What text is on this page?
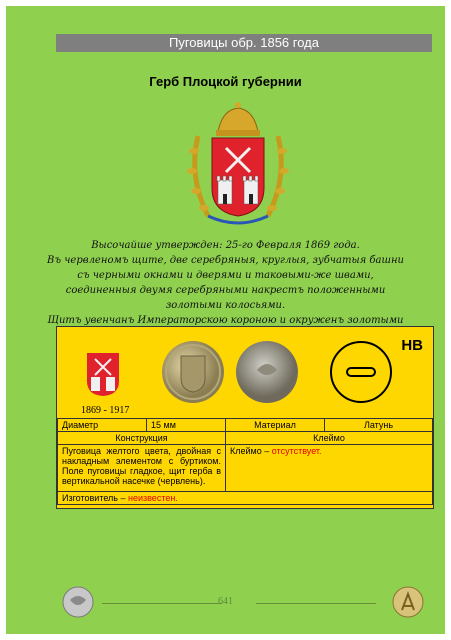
Пуговицы обр. 1856 года
Герб Плоцкой губернии

Высочайше утвержден: 25-го Февраля 1869 года.

Въ червленомъ щите, две серебряныя, круглыя, зубчатыя башни съ черными окнами и дверями и таковыми-же швами, соединенныя двумя серебряными накрестъ положенными золотыми колосьями.

Щитъ увенчанъ Императорскою короною и окруженъ золотыми

1869 - 1917
HB
Диаметр	15 мм	Материал	Латунь
Конструкция		Клеймо	
Пуговица желтого цвета, двойная с накладным элементом с буртиком. Поле пуговицы гладкое, щит герба в вертикальной насечке (червлень).		Клеймо – отсутствует.	
Изготовитель – неизвестен.			
641
